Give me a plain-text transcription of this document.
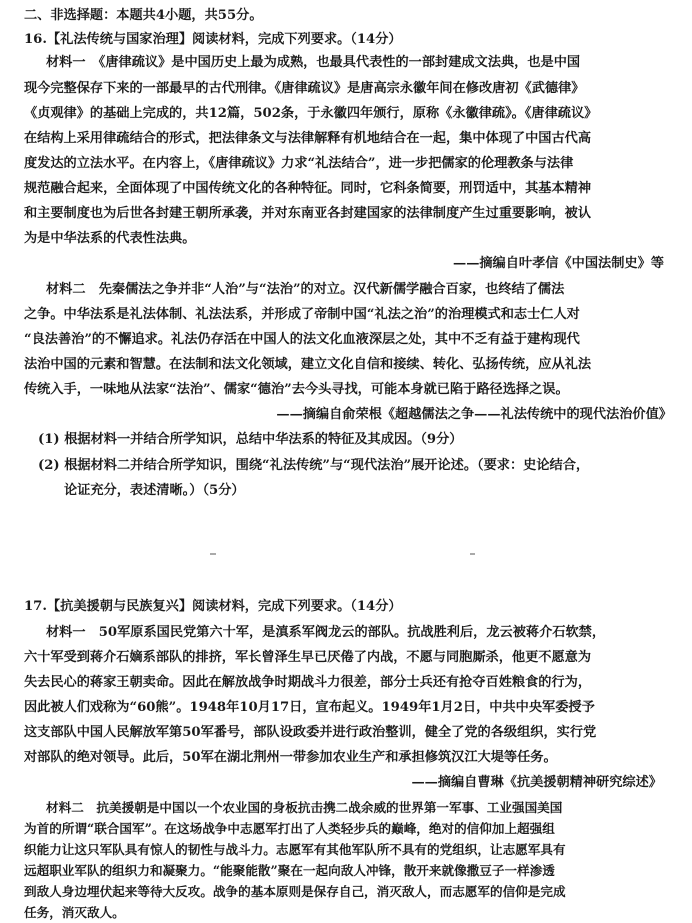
二、非选择题：本题共4小题，共55分。
16.【礼法传统与国家治理】阅读材料，完成下列要求。（14分）
材料一　《唐律疏议》是中国历史上最为成熟，也最具代表性的一部封建成文法典，也是中国
现今完整保存下来的一部最早的古代刑律。《唐律疏议》是唐高宗永徽年间在修改唐初《武德律》
《贞观律》的基础上完成的，共12篇，502条，于永徽四年颁行，原称《永徽律疏》。《唐律疏议》
在结构上采用律疏结合的形式，把法律条文与法律解释有机地结合在一起，集中体现了中国古代高
度发达的立法水平。在内容上，《唐律疏议》力求“礼法结合”，进一步把儒家的伦理教条与法律
规范融合起来，全面体现了中国传统文化的各种特征。同时，它科条简要，刑罚适中，其基本精神
和主要制度也为后世各封建王朝所承袭，并对东南亚各封建国家的法律制度产生过重要影响，被认
为是中华法系的代表性法典。
——摘编自叶孝信《中国法制史》等
材料二　先秦儒法之争并非“人治”与“法治”的对立。汉代新儒学融合百家，也终结了儒法
之争。中华法系是礼法体制、礼法法系，并形成了帝制中国“礼法之治”的治理模式和志士仁人对
“良法善治”的不懈追求。礼法仍存活在中国人的法文化血液深层之处，其中不乏有益于建构现代
法治中国的元素和智慧。在法制和法文化领域，建立文化自信和接续、转化、弘扬传统，应从礼法
传统入手，一味地从法家“法治”、儒家“德治”去今头寻找，可能本身就已陷于路径选择之误。
——摘编自俞荣根《超越儒法之争——礼法传统中的现代法治价值》
(1) 根据材料一并结合所学知识，总结中华法系的特征及其成因。（9分）
(2) 根据材料二并结合所学知识，围绕“礼法传统”与“现代法治”展开论述。（要求：史论结合，
论证充分，表述清晰。）（5分）
17.【抗美援朝与民族复兴】阅读材料，完成下列要求。（14分）
材料一　50军原系国民党第六十军，是滇系军阀龙云的部队。抗战胜利后，龙云被蒋介石软禁，
六十军受到蒋介石嫡系部队的排挤，军长曾泽生早已厌倦了内战，不愿与同胞厮杀，他更不愿意为
失去民心的蒋家王朝卖命。因此在解放战争时期战斗力很差，部分士兵还有抢夺百姓粮食的行为，
因此被人们戏称为“60熊”。1948年10月17日，宣布起义。1949年1月2日，中共中央军委授予
这支部队中国人民解放军第50军番号，部队设政委并进行政治整训，健全了党的各级组织，实行党
对部队的绝对领导。此后，50军在湖北荆州一带参加农业生产和承担修筑汉江大堤等任务。
——摘编自曹琳《抗美援朝精神研究综述》
材料二　抗美援朝是中国以一个农业国的身板抗击携二战余威的世界第一军事、工业强国美国
为首的所谓“联合国军”。在这场战争中志愿军打出了人类轻步兵的巅峰，绝对的信仰加上超强组
织能力让这只军队具有惊人的韧性与战斗力。志愿军有其他军队所不具有的党组织，让志愿军具有
远超职业军队的组织力和凝聚力。“能聚能散”聚在一起向敌人冲锋，散开来就像撒豆子一样渗透
到敌人身边埋伏起来等待大反攻。战争的基本原则是保存自己，消灭敌人，而志愿军的信仰是完成
任务，消灭敌人。
